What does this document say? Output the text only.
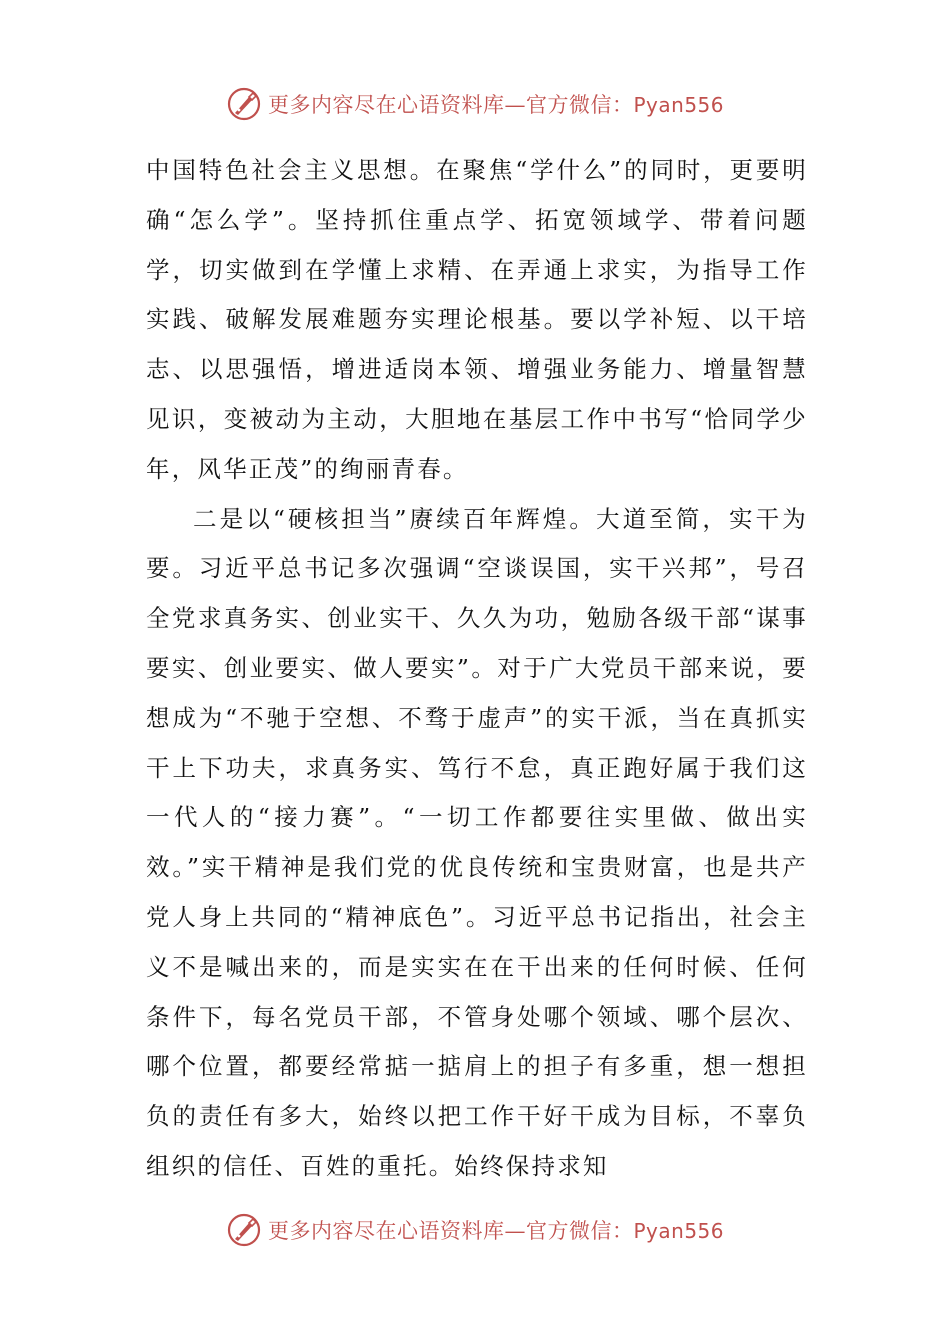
更多内容尽在心语资料库—官方微信：Pyan556

中国特色社会主义思想。在聚焦“学什么”的同时，更要明确“怎么学”。坚持抓住重点学、拓宽领域学、带着问题学，切实做到在学懂上求精、在弄通上求实，为指导工作实践、破解发展难题夯实理论根基。要以学补短、以干培志、以思强悟，增进适岗本领、增强业务能力、增量智慧见识，变被动为主动，大胆地在基层工作中书写“恰同学少年，风华正茂”的绚丽青春。

二是以“硬核担当”赓续百年辉煌。大道至简，实干为要。习近平总书记多次强调“空谈误国，实干兴邦”，号召全党求真务实、创业实干、久久为功，勉励各级干部“谋事要实、创业要实、做人要实”。对于广大党员干部来说，要想成为“不驰于空想、不骛于虚声”的实干派，当在真抓实干上下功夫，求真务实、笃行不怠，真正跑好属于我们这一代人的“接力赛”。“一切工作都要往实里做、做出实效。”实干精神是我们党的优良传统和宝贵财富，也是共产党人身上共同的“精神底色”。习近平总书记指出，社会主义不是喊出来的，而是实实在在干出来的任何时候、任何条件下，每名党员干部，不管身处哪个领域、哪个层次、哪个位置，都要经常掂一掂肩上的担子有多重，想一想担负的责任有多大，始终以把工作干好干成为目标，不辜负组织的信任、百姓的重托。始终保持求知

更多内容尽在心语资料库—官方微信：Pyan556
